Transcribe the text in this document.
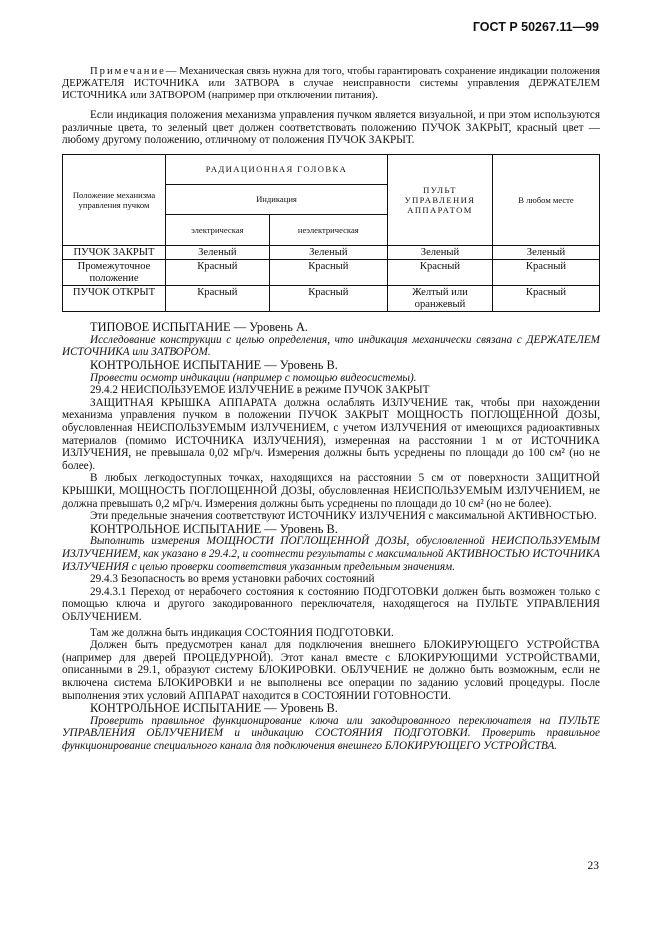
ГОСТ Р 50267.11—99

Примечание— Механическая связь нужна для того, чтобы гарантировать сохранение индикации положения ДЕРЖАТЕЛЯ ИСТОЧНИКА или ЗАТВОРА в случае неисправности системы управления ДЕРЖАТЕЛЕМ ИСТОЧНИКА или ЗАТВОРОМ (например при отключении питания).

Если индикация положения механизма управления пучком является визуальной, и при этом используются различные цвета, то зеленый цвет должен соответствовать положению ПУЧОК ЗАКРЫТ, красный цвет — любому другому положению, отличному от положения ПУЧОК ЗАКРЫТ.

Положение механизма управления пучком	РАДИАЦИОННАЯ ГОЛОВКА		ПУЛЬТ УПРАВЛЕНИЯ АППАРАТОМ	В любом месте
	Индикация			
	электрическая	неэлектрическая		
ПУЧОК ЗАКРЫТ	Зеленый	Зеленый	Зеленый	Зеленый
Промежуточное положение	Красный	Красный	Красный	Красный
ПУЧОК ОТКРЫТ	Красный	Красный	Желтый или оранжевый	Красный

ТИПОВОЕ ИСПЫТАНИЕ — Уровень А.

Исследование конструкции с целью определения, что индикация механически связана с ДЕРЖАТЕЛЕМ ИСТОЧНИКА или ЗАТВОРОМ.

КОНТРОЛЬНОЕ ИСПЫТАНИЕ — Уровень В.

Провести осмотр индикации (например с помощью видеосистемы).

29.4.2 НЕИСПОЛЬЗУЕМОЕ ИЗЛУЧЕНИЕ в режиме ПУЧОК ЗАКРЫТ

ЗАЩИТНАЯ КРЫШКА АППАРАТА должна ослаблять ИЗЛУЧЕНИЕ так, чтобы при нахождении механизма управления пучком в положении ПУЧОК ЗАКРЫТ МОЩНОСТЬ ПОГЛОЩЕННОЙ ДОЗЫ, обусловленная НЕИСПОЛЬЗУЕМЫМ ИЗЛУЧЕНИЕМ, с учетом ИЗЛУЧЕНИЯ от имеющихся радиоактивных материалов (помимо ИСТОЧНИКА ИЗЛУЧЕНИЯ), измеренная на расстоянии 1 м от ИСТОЧНИКА ИЗЛУЧЕНИЯ, не превышала 0,02 мГр/ч. Измерения должны быть усреднены по площади до 100 см² (но не более).

В любых легкодоступных точках, находящихся на расстоянии 5 см от поверхности ЗАЩИТНОЙ КРЫШКИ, МОЩНОСТЬ ПОГЛОЩЕННОЙ ДОЗЫ, обусловленная НЕИСПОЛЬЗУЕМЫМ ИЗЛУЧЕНИЕМ, не должна превышать 0,2 мГр/ч. Измерения должны быть усреднены по площади до 10 см² (но не более).

Эти предельные значения соответствуют ИСТОЧНИКУ ИЗЛУЧЕНИЯ с максимальной АКТИВНОСТЬЮ.

КОНТРОЛЬНОЕ ИСПЫТАНИЕ — Уровень В.

Выполнить измерения МОЩНОСТИ ПОГЛОЩЕННОЙ ДОЗЫ, обусловленной НЕИСПОЛЬЗУЕМЫМ ИЗЛУЧЕНИЕМ, как указано в 29.4.2, и соотнести результаты с максимальной АКТИВНОСТЬЮ ИСТОЧНИКА ИЗЛУЧЕНИЯ с целью проверки соответствия указанным предельным значениям.

29.4.3 Безопасность во время установки рабочих состояний

29.4.3.1 Переход от нерабочего состояния к состоянию ПОДГОТОВКИ должен быть возможен только с помощью ключа и другого закодированного переключателя, находящегося на ПУЛЬТЕ УПРАВЛЕНИЯ ОБЛУЧЕНИЕМ.

Там же должна быть индикация СОСТОЯНИЯ ПОДГОТОВКИ.

Должен быть предусмотрен канал для подключения внешнего БЛОКИРУЮЩЕГО УСТРОЙСТВА (например для дверей ПРОЦЕДУРНОЙ). Этот канал вместе с БЛОКИРУЮЩИМИ УСТРОЙСТВАМИ, описанными в 29.1, образуют систему БЛОКИРОВКИ. ОБЛУЧЕНИЕ не должно быть возможным, если не включена система БЛОКИРОВКИ и не выполнены все операции по заданию условий процедуры. После выполнения этих условий АППАРАТ находится в СОСТОЯНИИ ГОТОВНОСТИ.

КОНТРОЛЬНОЕ ИСПЫТАНИЕ — Уровень В.

Проверить правильное функционирование ключа или закодированного переключателя на ПУЛЬТЕ УПРАВЛЕНИЯ ОБЛУЧЕНИЕМ и индикацию СОСТОЯНИЯ ПОДГОТОВКИ. Проверить правильное функционирование специального канала для подключения внешнего БЛОКИРУЮЩЕГО УСТРОЙСТВА.

23
